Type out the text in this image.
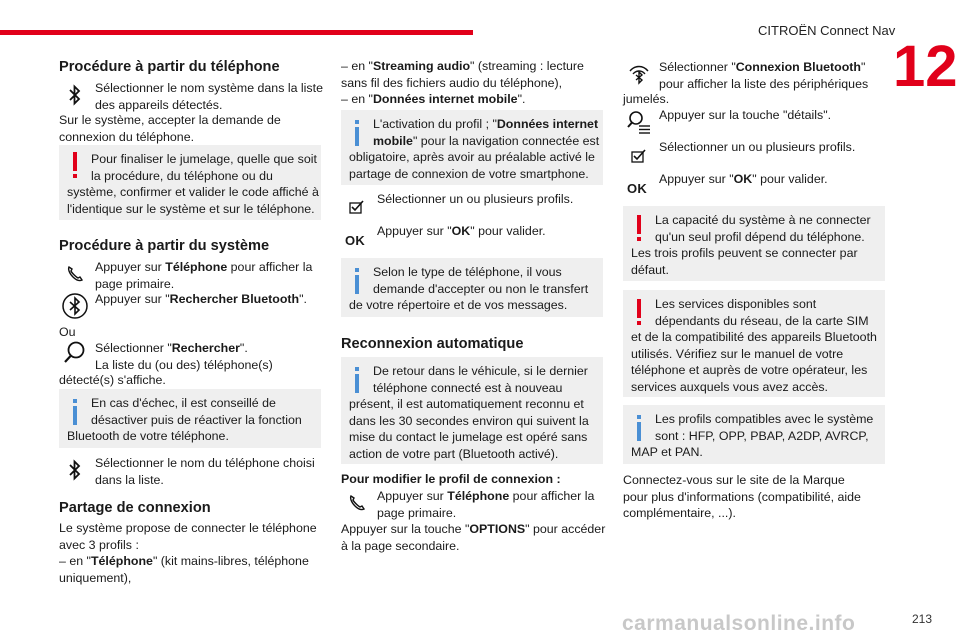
CITROËN Connect Nav
12
Procédure à partir du téléphone
Sélectionner le nom système dans la liste
des appareils détectés.
Sur le système, accepter la demande de
connexion du téléphone.
Pour finaliser le jumelage, quelle que soit
la procédure, du téléphone ou du
système, confirmer et valider le code affiché à
l'identique sur le système et sur le téléphone.
Procédure à partir du système
Appuyer sur Téléphone pour afficher la
page primaire.
Appuyer sur "Rechercher Bluetooth".
Ou
Sélectionner "Rechercher".
La liste du (ou des) téléphone(s)
détecté(s) s'affiche.
En cas d'échec, il est conseillé de
désactiver puis de réactiver la fonction
Bluetooth de votre téléphone.
Sélectionner le nom du téléphone choisi
dans la liste.
Partage de connexion
Le système propose de connecter le téléphone
avec 3 profils :
– en "Téléphone" (kit mains-libres, téléphone
uniquement),
– en "Streaming audio" (streaming : lecture
sans fil des fichiers audio du téléphone),
– en "Données internet mobile".
L'activation du profil ; "Données internet
mobile" pour la navigation connectée est
obligatoire, après avoir au préalable activé le
partage de connexion de votre smartphone.
Sélectionner un ou plusieurs profils.
OK
Appuyer sur "OK" pour valider.
Selon le type de téléphone, il vous
demande d'accepter ou non le transfert
de votre répertoire et de vos messages.
Reconnexion automatique
De retour dans le véhicule, si le dernier
téléphone connecté est à nouveau
présent, il est automatiquement reconnu et
dans les 30 secondes environ qui suivent la
mise du contact le jumelage est opéré sans
action de votre part (Bluetooth activé).
Pour modifier le profil de connexion :
Appuyer sur Téléphone pour afficher la
page primaire.
Appuyer sur la touche "OPTIONS" pour accéder
à la page secondaire.
Sélectionner "Connexion Bluetooth"
pour afficher la liste des périphériques
jumelés.
Appuyer sur la touche "détails".
Sélectionner un ou plusieurs profils.
OK
Appuyer sur "OK" pour valider.
La capacité du système à ne connecter
qu'un seul profil dépend du téléphone.
Les trois profils peuvent se connecter par
défaut.
Les services disponibles sont
dépendants du réseau, de la carte SIM
et de la compatibilité des appareils Bluetooth
utilisés. Vérifiez sur le manuel de votre
téléphone et auprès de votre opérateur, les
services auxquels vous avez accès.
Les profils compatibles avec le système
sont : HFP, OPP, PBAP, A2DP, AVRCP,
MAP et PAN.
Connectez-vous sur le site de la Marque
pour plus d'informations (compatibilité, aide
complémentaire, ...).
carmanualsonline.info	213
